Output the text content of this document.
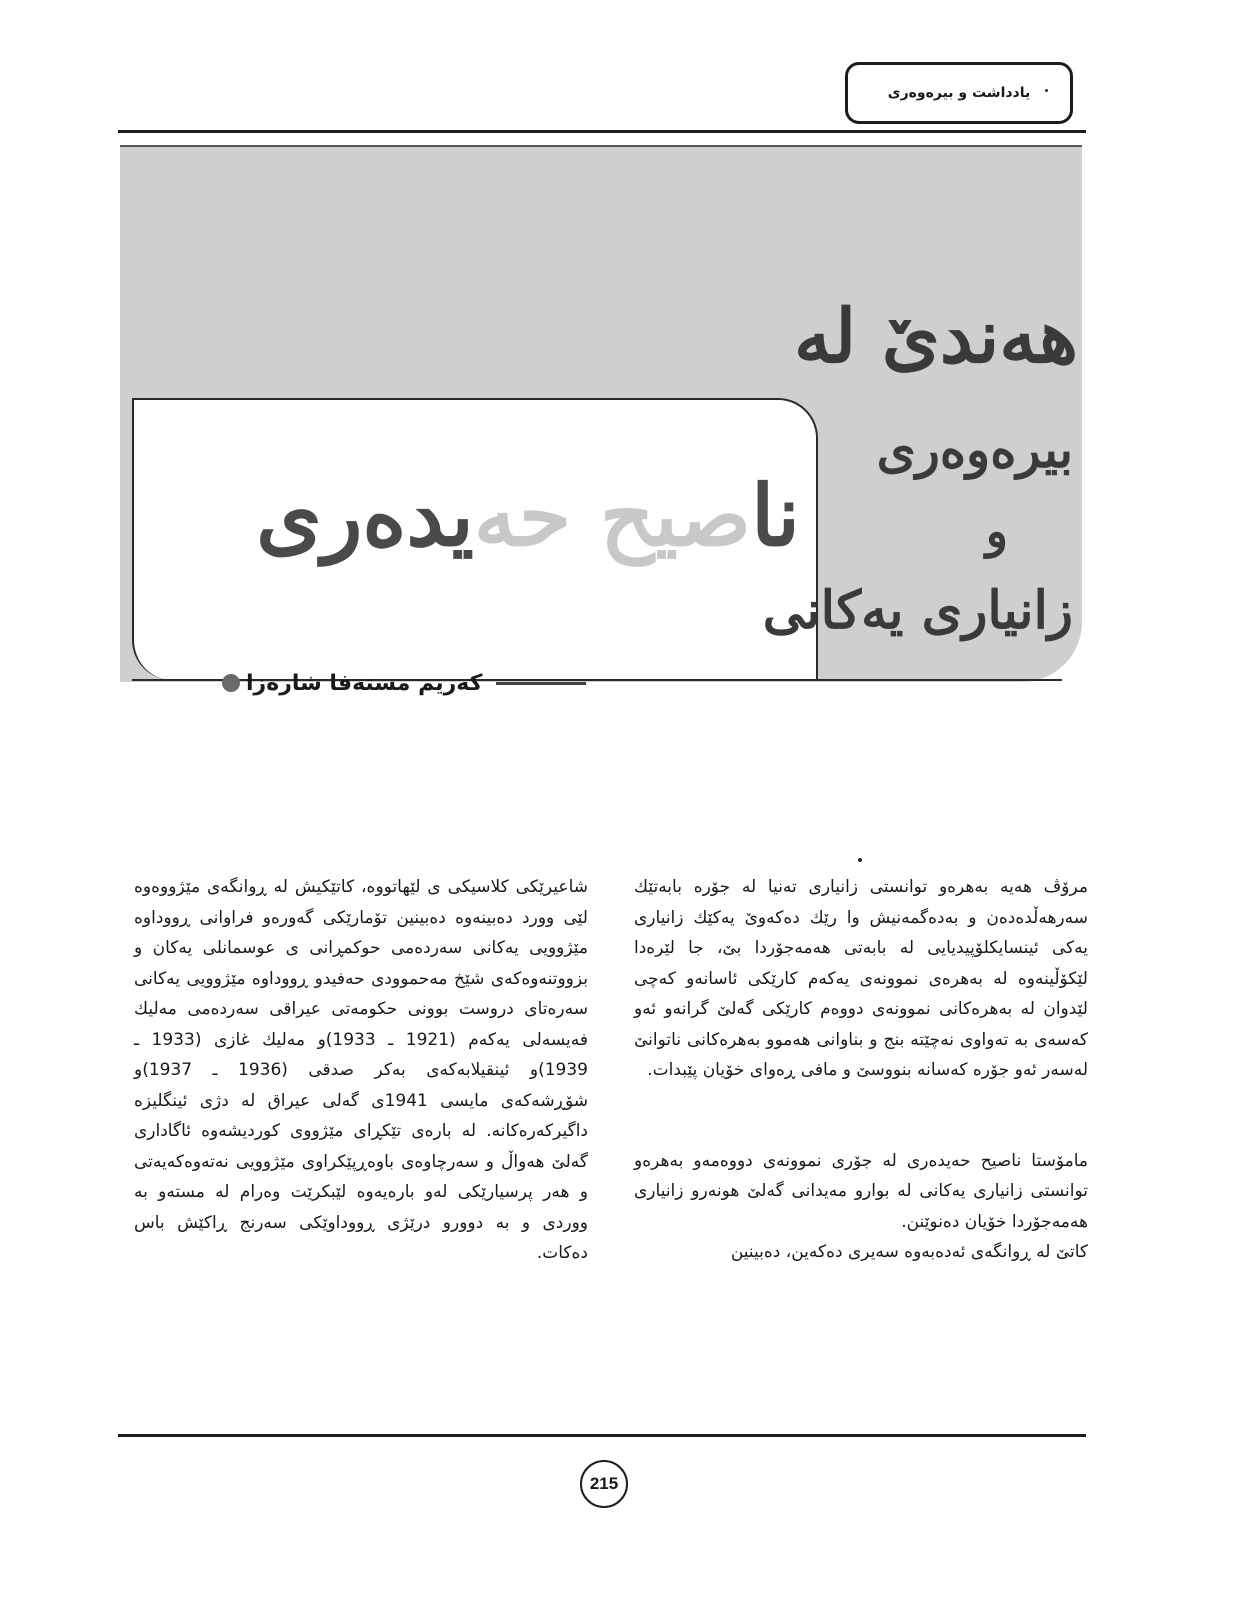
یادداشت و بیرەوەری
هەندێ لە
بیرەوەری
و
زانیاری یەکانی
ناصیح حەیدەری
کەریم مستەفا شارەزا

مرۆڤ هەیە بەهرەو توانستی زانیاری تەنیا لە جۆرە بابەتێك سەرهەڵدەدەن و بەدەگمەنیش وا رێك دەكەوێ یەكێك زانیاری یەكی ئینسایكلۆپیدیایی لە بابەتی هەمەجۆردا بێ، جا لێرەدا لێكۆڵینەوە لە بەهرەی نموونەی یەكەم كارێكی ئاسانەو كەچی لێدوان لە بەهرەكانی نموونەی دووەم كارێكی گەلێ گرانەو ئەو كەسەی بە تەواوی نەچێتە بنج و بناوانی هەموو بەهرەكانی ناتوانێ لەسەر ئەو جۆرە كەسانە بنووسێ و مافی ڕەوای خۆیان پێبدات.

مامۆستا ناصیح حەیدەری لە جۆری نموونەی دووەمەو بەهرەو توانستی زانیاری یەكانی لە بوارو مەیدانی گەلێ هونەرو زانیاری هەمەجۆردا خۆیان دەنوێنن.

كاتێ لە ڕوانگەی ئەدەبەوە سەیری دەكەین، دەبینین

شاعیرێكی كلاسیكی ی لێهاتووە، كاتێكیش لە ڕوانگەی مێژووەوە لێی وورد دەبینەوە دەبینین تۆمارێكی گەورەو فراوانی ڕووداوە مێژوویی یەكانی سەردەمی حوكمڕانی ی عوسمانلی یەكان و بزووتنەوەكەی شێخ مەحموودی حەفیدو ڕووداوە مێژوویی یەكانی سەرەتای دروست بوونی حكومەتی عیراقی سەردەمی مەلیك فەیسەلی یەكەم (1921 ـ 1933)و مەلیك غازی (1933 ـ 1939)و ئینقیلابەكەی بەكر صدقی (1936 ـ 1937)و شۆڕشەكەی مایسی 1941ی گەلی عیراق لە دژی ئینگلیزە داگیركەرەكانە. لە بارەی تێكڕای مێژووی كوردیشەوە ئاگاداری گەلێ هەواڵ و سەرچاوەی باوەڕپێكراوی مێژوویی نەتەوەكەیەتی و هەر پرسیارێكی لەو بارەیەوە لێبكرێت وەرام لە مستەو بە ووردی و بە دوورو درێژی ڕووداوێكی سەرنج ڕاكێش باس دەكات.

215
